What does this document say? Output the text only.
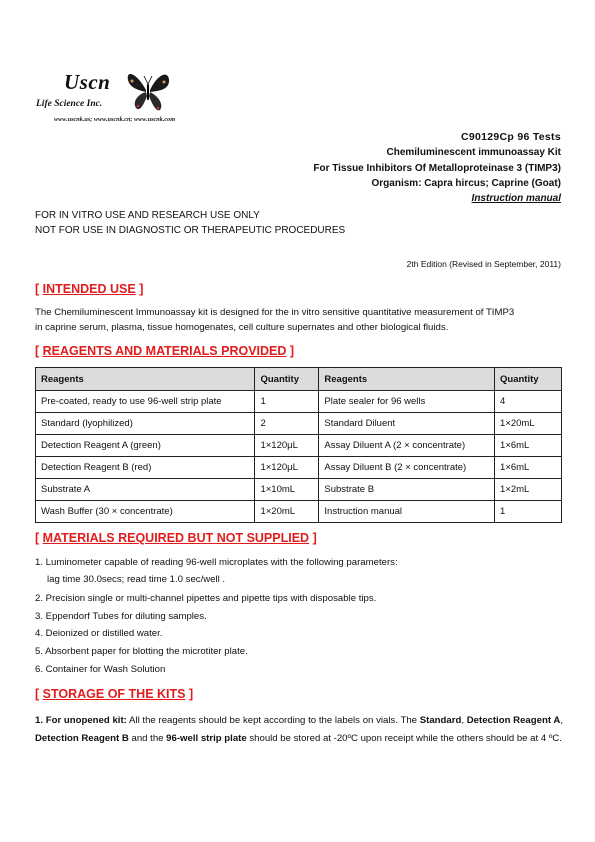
Uscn
Life Science Inc.
www.uscnk.us; www.uscnk.cn; www.uscnk.com
C90129Cp 96 Tests
Chemiluminescent immunoassay Kit
For Tissue Inhibitors Of Metalloproteinase 3 (TIMP3)
Organism: Capra hircus; Caprine (Goat)
Instruction manual
FOR IN VITRO USE AND RESEARCH USE ONLY
NOT FOR USE IN DIAGNOSTIC OR THERAPEUTIC PROCEDURES
2th Edition (Revised in September, 2011)
[ INTENDED USE ]
The Chemiluminescent Immunoassay kit is designed for the in vitro sensitive quantitative measurement of TIMP3
in caprine serum, plasma, tissue homogenates, cell culture supernates and other biological fluids.
[ REAGENTS AND MATERIALS PROVIDED ]
Reagents	Quantity	Reagents	Quantity
Pre-coated, ready to use 96-well strip plate	1	Plate sealer for 96 wells	4
Standard (lyophilized)	2	Standard Diluent	1×20mL
Detection Reagent A (green)	1×120μL	Assay Diluent A (2 × concentrate)	1×6mL
Detection Reagent B (red)	1×120μL	Assay Diluent B (2 × concentrate)	1×6mL
Substrate A	1×10mL	Substrate B	1×2mL
Wash Buffer (30 × concentrate)	1×20mL	Instruction manual	1
[ MATERIALS REQUIRED BUT NOT SUPPLIED ]
1. Luminometer capable of reading 96-well microplates with the following parameters:
lag time 30.0secs; read time 1.0 sec/well .
2. Precision single or multi-channel pipettes and pipette tips with disposable tips.
3. Eppendorf Tubes for diluting samples.
4. Deionized or distilled water.
5. Absorbent paper for blotting the microtiter plate.
6. Container for Wash Solution
[ STORAGE OF THE KITS ]
1. For unopened kit: All the reagents should be kept according to the labels on vials. The Standard, Detection Reagent A, Detection Reagent B and the 96-well strip plate should be stored at -20ºC upon receipt while the others should be at 4 ºC.
